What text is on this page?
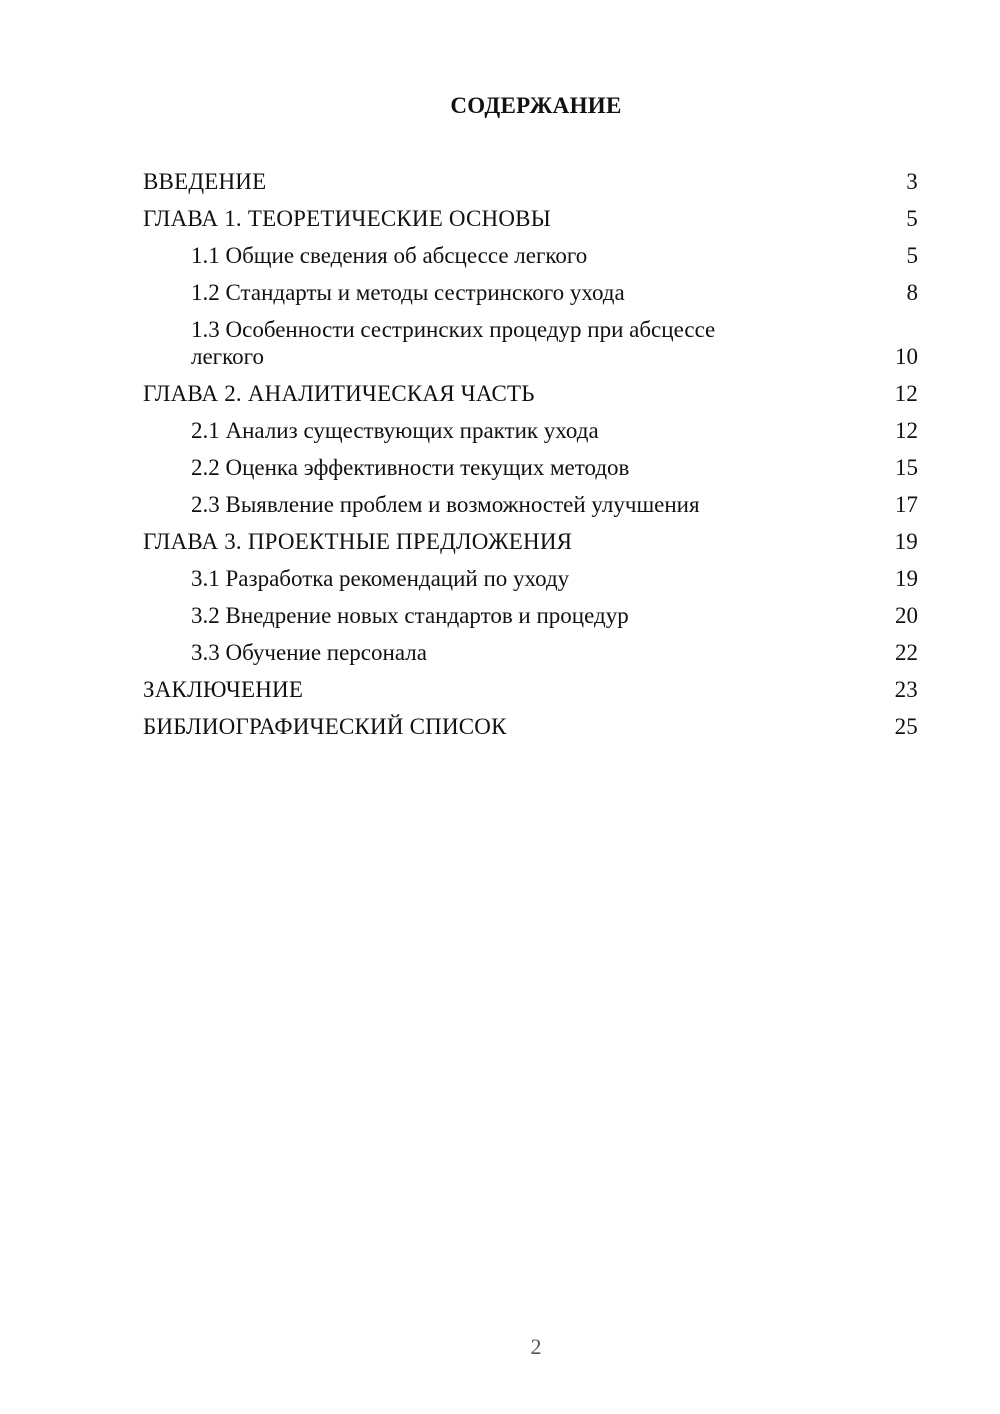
СОДЕРЖАНИЕ
ВВЕДЕНИЕ	3
ГЛАВА 1. ТЕОРЕТИЧЕСКИЕ ОСНОВЫ	5
1.1 Общие сведения об абсцессе легкого	5
1.2 Стандарты и методы сестринского ухода	8
1.3 Особенности сестринских процедур при абсцессе легкого	10
ГЛАВА 2. АНАЛИТИЧЕСКАЯ ЧАСТЬ	12
2.1 Анализ существующих практик ухода	12
2.2 Оценка эффективности текущих методов	15
2.3 Выявление проблем и возможностей улучшения	17
ГЛАВА 3. ПРОЕКТНЫЕ ПРЕДЛОЖЕНИЯ	19
3.1 Разработка рекомендаций по уходу	19
3.2 Внедрение новых стандартов и процедур	20
3.3 Обучение персонала	22
ЗАКЛЮЧЕНИЕ	23
БИБЛИОГРАФИЧЕСКИЙ СПИСОК	25
2
